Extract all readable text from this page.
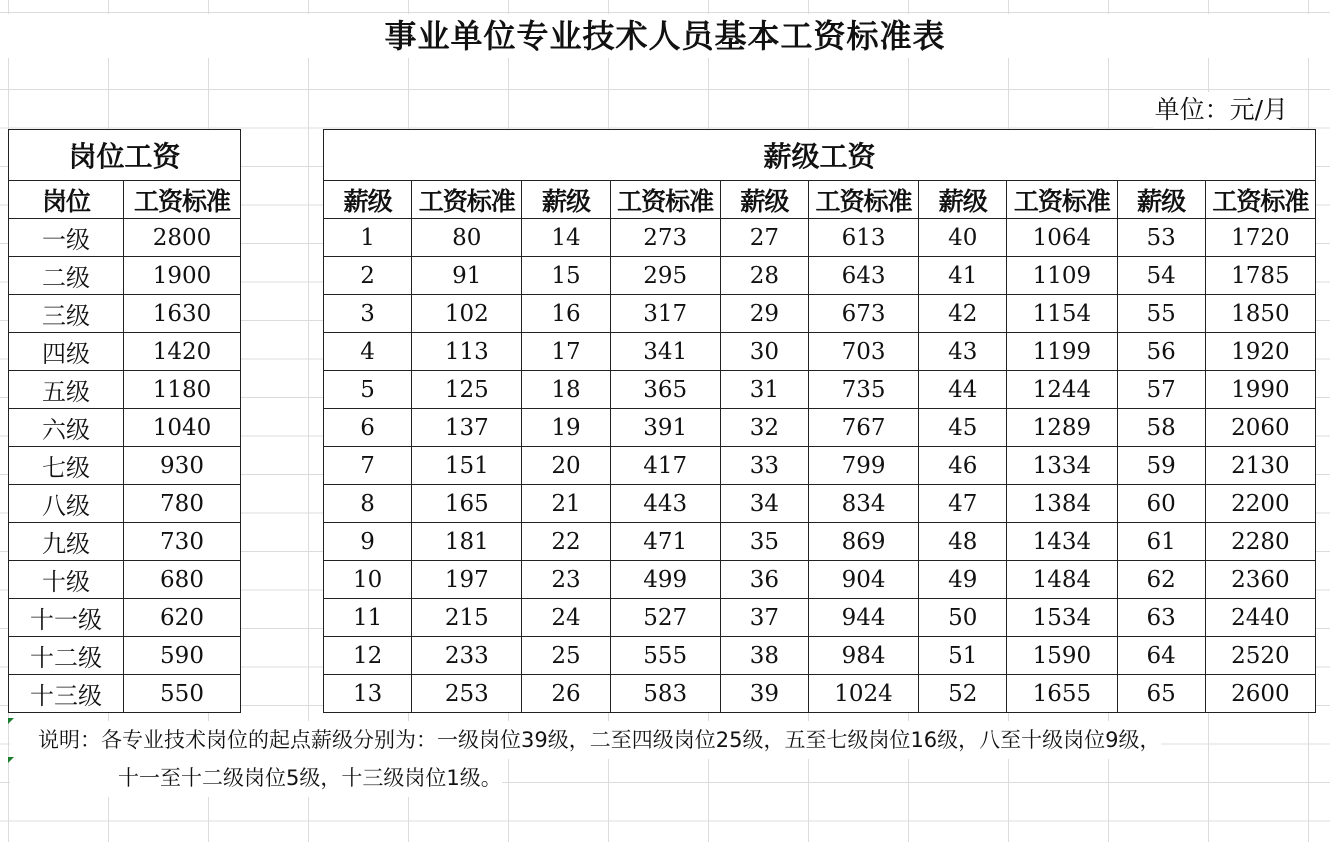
事业单位专业技术人员基本工资标准表
单位：元/月
岗位工资	
岗位	工资标准
一级	2800
二级	1900
三级	1630
四级	1420
五级	1180
六级	1040
七级	930
八级	780
九级	730
十级	680
十一级	620
十二级	590
十三级	550
薪级工资									
薪级	工资标准	薪级	工资标准	薪级	工资标准	薪级	工资标准	薪级	工资标准
1	80	14	273	27	613	40	1064	53	1720
2	91	15	295	28	643	41	1109	54	1785
3	102	16	317	29	673	42	1154	55	1850
4	113	17	341	30	703	43	1199	56	1920
5	125	18	365	31	735	44	1244	57	1990
6	137	19	391	32	767	45	1289	58	2060
7	151	20	417	33	799	46	1334	59	2130
8	165	21	443	34	834	47	1384	60	2200
9	181	22	471	35	869	48	1434	61	2280
10	197	23	499	36	904	49	1484	62	2360
11	215	24	527	37	944	50	1534	63	2440
12	233	25	555	38	984	51	1590	64	2520
13	253	26	583	39	1024	52	1655	65	2600
说明：各专业技术岗位的起点薪级分别为：一级岗位39级，二至四级岗位25级，五至七级岗位16级，八至十级岗位9级，
十一至十二级岗位5级，十三级岗位1级。
